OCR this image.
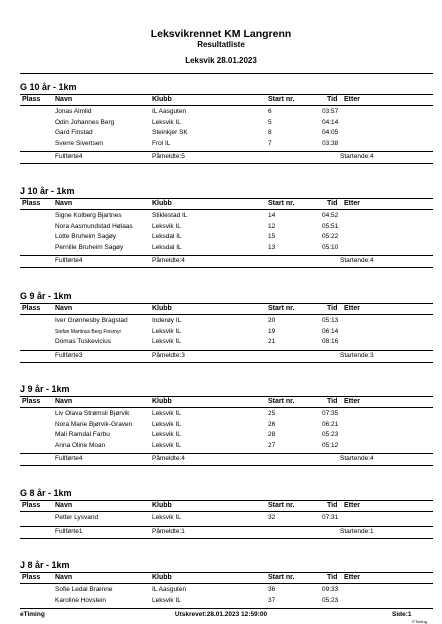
Leksvikrennet KM Langrenn
Resultatliste
Leksvik 28.01.2023
G 10 år - 1km
Plass Navn	Klubb	Start nr.	Tid Etter
Jonas Almlid	IL Aasguten	6	03:57
Odin Johannes Berg	Leksvik IL	5	04:14
Gard Finstad	Steinkjer SK	8	04:05
Sverre Sivertsen	Frol IL	7	03:38
Fullførte4	Påmeldte:5	Startende:4
J 10 år - 1km
Plass Navn	Klubb	Start nr.	Tid Etter
Signe Kolberg Bjartnes	Stiklestad IL	14	04:52
Nora Aasmundstad Hølaas	Leksvik IL	12	05:51
Lotte Bruheim Sagøy	Leksdal IL	15	05:22
Pernille Bruheim Sagøy	Leksdal IL	13	05:10
Fullførte4	Påmeldte:4	Startende:4
G 9 år - 1km
Plass Navn	Klubb	Start nr.	Tid Etter
Iver Grønnesby Bragstad	Inderøy IL	20	05:13
Stefan Martinus Berg Finsmyr	Leksvik IL	19	06:14
Domas Tuskevicius	Leksvik IL	21	08:16
Fullførte3	Påmeldte:3	Startende:3
J 9 år - 1km
Plass Navn	Klubb	Start nr.	Tid Etter
Liv Olava Strømsli Bjørvik	Leksvik IL	25	07:35
Nora Marie Bjørvik-Graven	Leksvik IL	26	06:21
Mali Ramdal Farbu	Leksvik IL	28	05:23
Anna Oline Moan	Leksvik IL	27	05:12
Fullførte4	Påmeldte:4	Startende:4
G 8 år - 1km
Plass Navn	Klubb	Start nr.	Tid Etter
Petter Lysvand	Leksvik IL	32	07:31
Fullførte1	Påmeldte:1	Startende:1
J 8 år - 1km
Plass Navn	Klubb	Start nr.	Tid Etter
Sofie Ledal Brænne	IL Aasguten	36	09:33
Karoline Hovstein	Leksvik IL	37	05:23
eTiming	Utskrevet:28.01.2023 12:59:00	Side:1
©Timing
